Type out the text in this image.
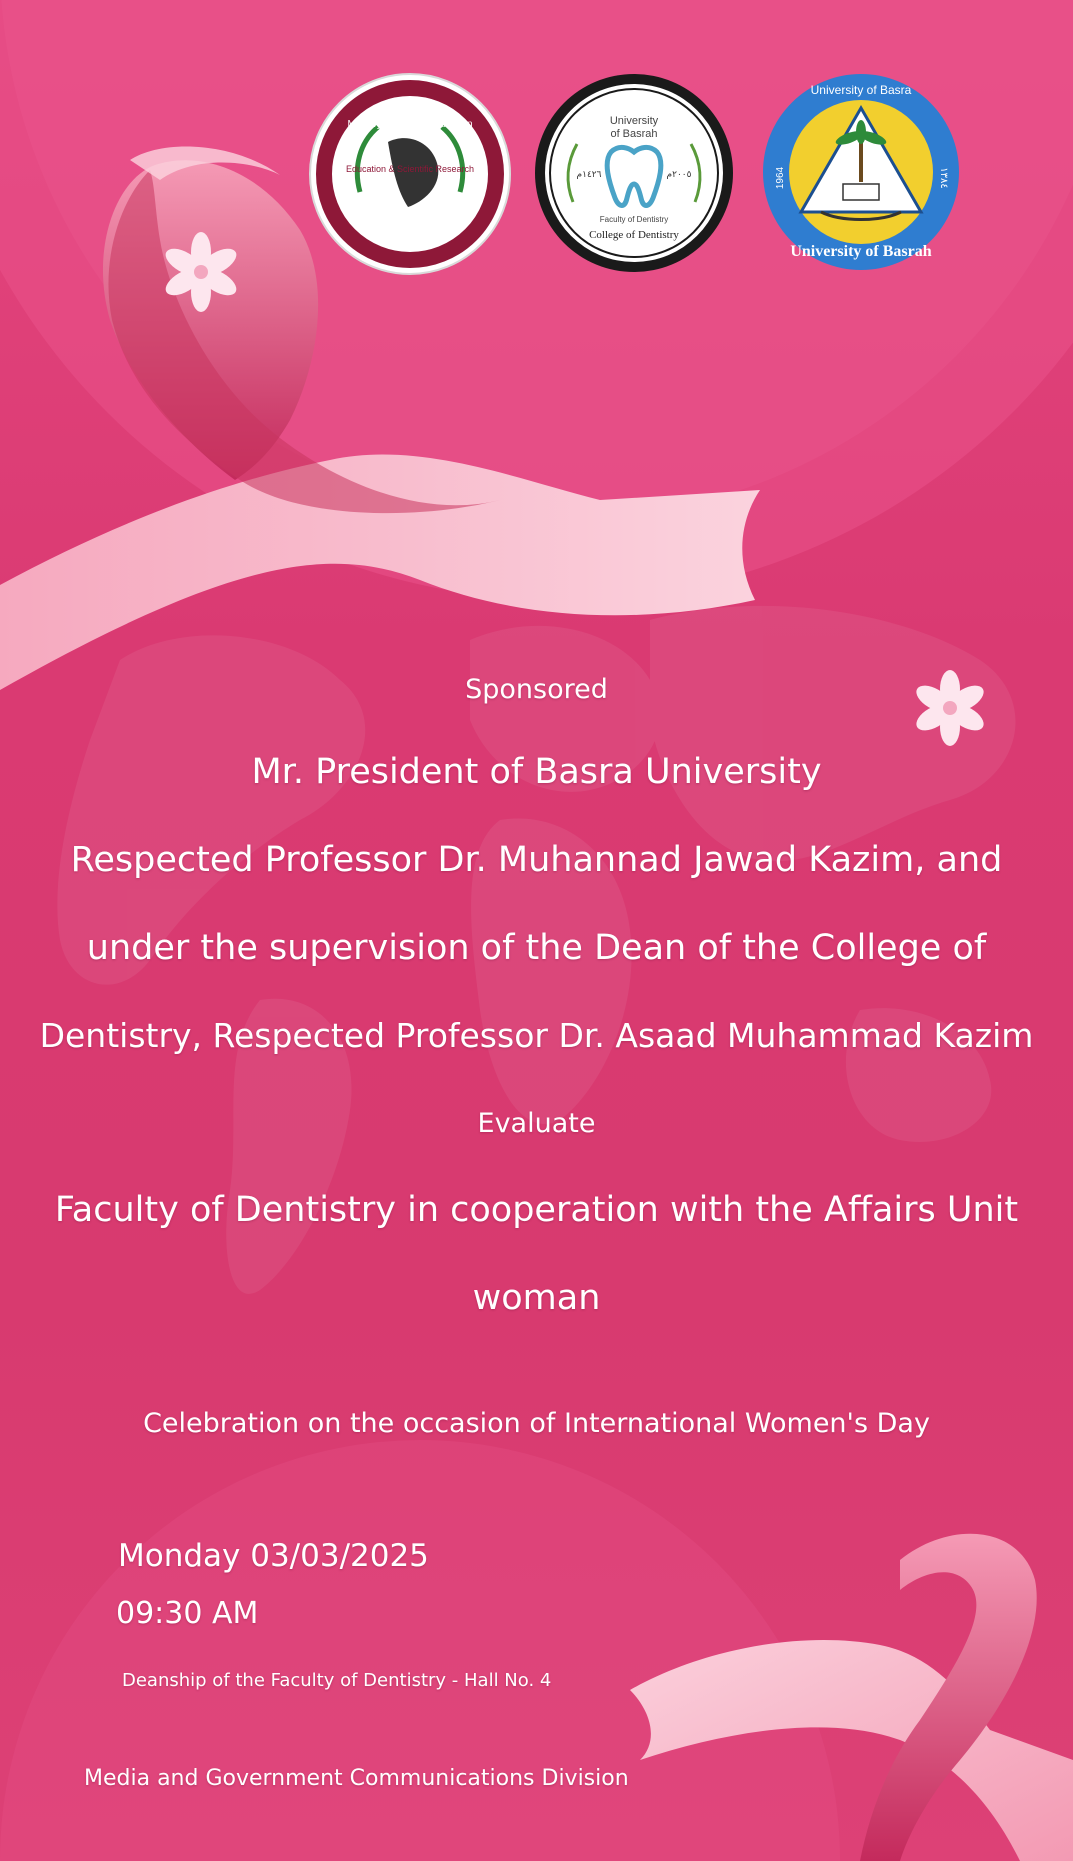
Ministry of Higher Education
Education & Scientific Research
University of Basrah
University
of Basrah
١٤٢٦م	٢٠٠٥م
Faculty of Dentistry
College of Dentistry
University of Basra
University of Basrah
1964	١٣٨٤
Sponsored
Mr. President of Basra University
Respected Professor Dr. Muhannad Jawad Kazim, and
under the supervision of the Dean of the College of
Dentistry, Respected Professor Dr. Asaad Muhammad Kazim
Evaluate
Faculty of Dentistry in cooperation with the Affairs Unit
woman
Celebration on the occasion of International Women's Day
Monday 03/03/2025
09:30 AM
Deanship of the Faculty of Dentistry - Hall No. 4
Media and Government Communications Division
